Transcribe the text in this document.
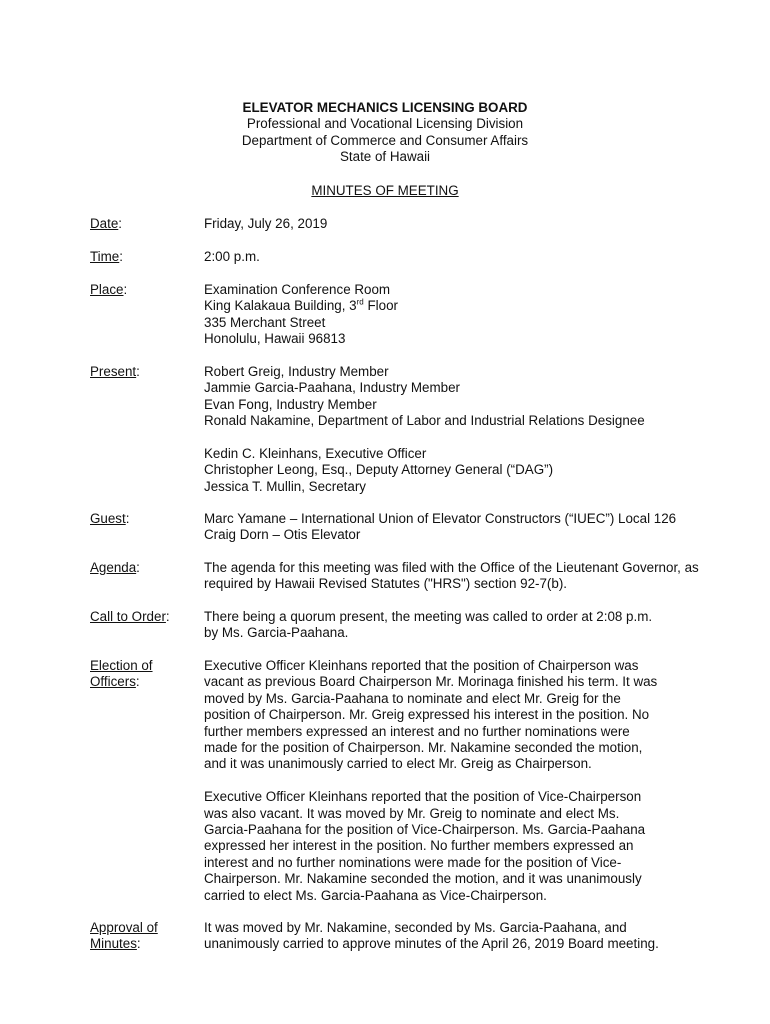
ELEVATOR MECHANICS LICENSING BOARD
Professional and Vocational Licensing Division
Department of Commerce and Consumer Affairs
State of Hawaii
MINUTES OF MEETING
Date:	Friday, July 26, 2019
Time:	2:00 p.m.
Place:	Examination Conference Room
King Kalakaua Building, 3rd Floor
335 Merchant Street
Honolulu, Hawaii 96813
Present:	Robert Greig, Industry Member
Jammie Garcia-Paahana, Industry Member
Evan Fong, Industry Member
Ronald Nakamine, Department of Labor and Industrial Relations Designee
Kedin C. Kleinhans, Executive Officer
Christopher Leong, Esq., Deputy Attorney General (“DAG”)
Jessica T. Mullin, Secretary
Guest:	Marc Yamane – International Union of Elevator Constructors (“IUEC”) Local 126
Craig Dorn – Otis Elevator
Agenda:	The agenda for this meeting was filed with the Office of the Lieutenant Governor, as
required by Hawaii Revised Statutes ("HRS") section 92-7(b).
Call to Order:	There being a quorum present, the meeting was called to order at 2:08 p.m.
by Ms. Garcia-Paahana.
Election of
Officers:
Executive Officer Kleinhans reported that the position of Chairperson was
vacant as previous Board Chairperson Mr. Morinaga finished his term. It was
moved by Ms. Garcia-Paahana to nominate and elect Mr. Greig for the
position of Chairperson. Mr. Greig expressed his interest in the position. No
further members expressed an interest and no further nominations were
made for the position of Chairperson. Mr. Nakamine seconded the motion,
and it was unanimously carried to elect Mr. Greig as Chairperson.
Executive Officer Kleinhans reported that the position of Vice-Chairperson
was also vacant. It was moved by Mr. Greig to nominate and elect Ms.
Garcia-Paahana for the position of Vice-Chairperson. Ms. Garcia-Paahana
expressed her interest in the position. No further members expressed an
interest and no further nominations were made for the position of Vice-
Chairperson. Mr. Nakamine seconded the motion, and it was unanimously
carried to elect Ms. Garcia-Paahana as Vice-Chairperson.
Approval of
Minutes:
It was moved by Mr. Nakamine, seconded by Ms. Garcia-Paahana, and
unanimously carried to approve minutes of the April 26, 2019 Board meeting.
